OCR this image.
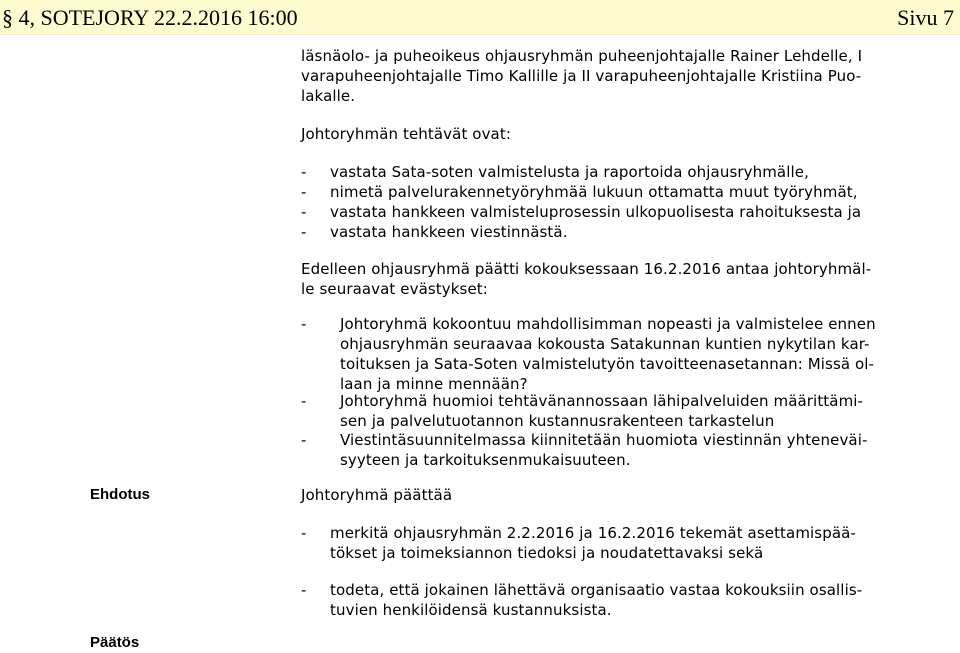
§ 4, SOTEJORY 22.2.2016 16:00	Sivu 7
läsnäolo- ja puheoikeus ohjausryhmän puheenjohtajalle Rainer Lehdelle, I
varapuheenjohtajalle Timo Kallille ja II varapuheenjohtajalle Kristiina Puo-
lakalle.
Johtoryhmän tehtävät ovat:
- vastata Sata-soten valmistelusta ja raportoida ohjausryhmälle,
- nimetä palvelurakennetyöryhmää lukuun ottamatta muut työryhmät,
- vastata hankkeen valmisteluprosessin ulkopuolisesta rahoituksesta ja
- vastata hankkeen viestinnästä.
Edelleen ohjausryhmä päätti kokouksessaan 16.2.2016 antaa johtoryhmäl-
le seuraavat evästykset:
- Johtoryhmä kokoontuu mahdollisimman nopeasti ja valmistelee ennen
ohjausryhmän seuraavaa kokousta Satakunnan kuntien nykytilan kar-
toituksen ja Sata-Soten valmistelutyön tavoitteenasetannan: Missä ol-
laan ja minne mennään?
- Johtoryhmä huomioi tehtävänannossaan lähipalveluiden määrittämi-
sen ja palvelutuotannon kustannusrakenteen tarkastelun
- Viestintäsuunnitelmassa kiinnitetään huomiota viestinnän yhteneväi-
syyteen ja tarkoituksenmukaisuuteen.
Ehdotus	Johtoryhmä päättää
- merkitä ohjausryhmän 2.2.2016 ja 16.2.2016 tekemät asettamispää-
tökset ja toimeksiannon tiedoksi ja noudatettavaksi sekä
- todeta, että jokainen lähettävä organisaatio vastaa kokouksiin osallis-
tuvien henkilöidensä kustannuksista.
Päätös
